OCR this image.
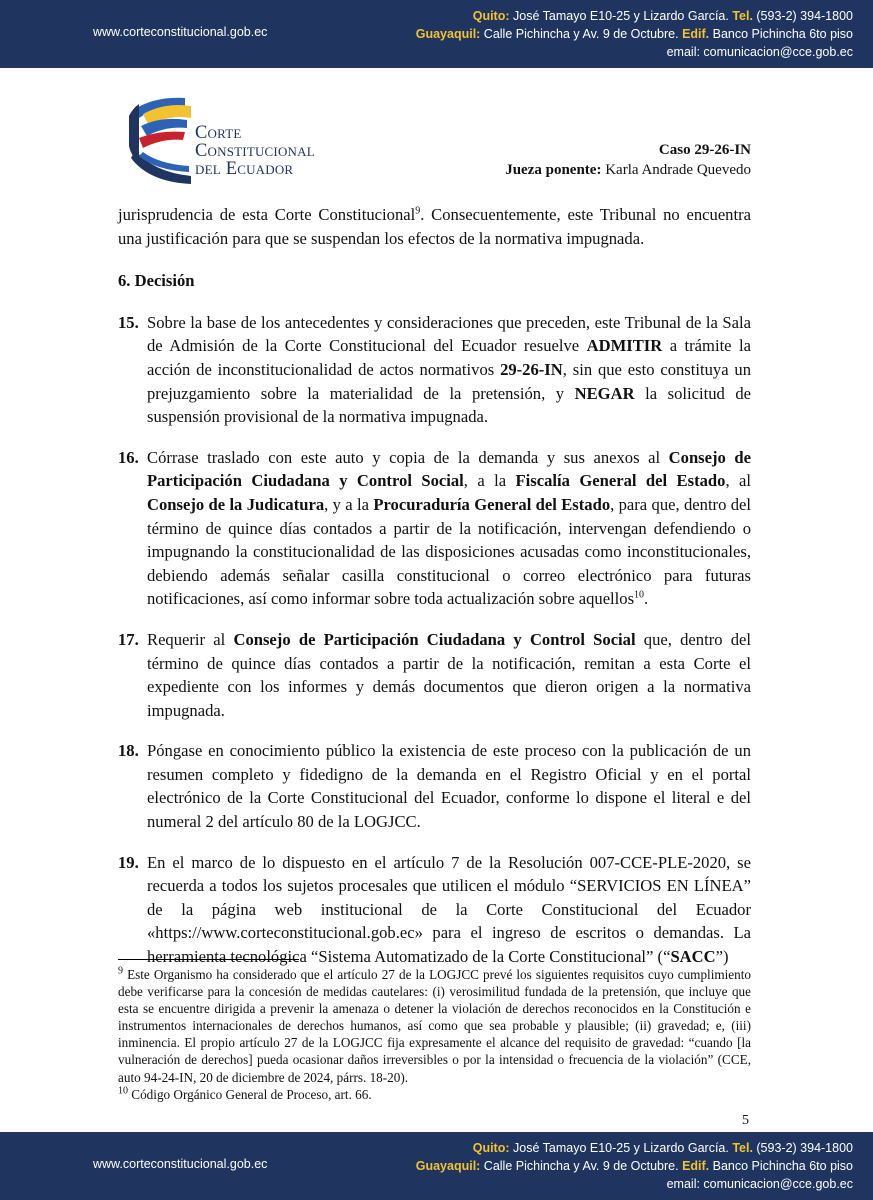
www.corteconstitucional.gob.ec
Quito: José Tamayo E10-25 y Lizardo García. Tel. (593-2) 394-1800
Guayaquil: Calle Pichincha y Av. 9 de Octubre. Edif. Banco Pichincha 6to piso
email: comunicacion@cce.gob.ec
Corte
Constitucional
del Ecuador
Caso 29-26-IN
Jueza ponente: Karla Andrade Quevedo

jurisprudencia de esta Corte Constitucional$^9$. Consecuentemente, este Tribunal no encuentra una justificación para que se suspendan los efectos de la normativa impugnada.

6. Decisión

15. Sobre la base de los antecedentes y consideraciones que preceden, este Tribunal de la Sala de Admisión de la Corte Constitucional del Ecuador resuelve ADMITIR a trámite la acción de inconstitucionalidad de actos normativos 29-26-IN, sin que esto constituya un prejuzgamiento sobre la materialidad de la pretensión, y NEGAR la solicitud de suspensión provisional de la normativa impugnada.

16. Córrase traslado con este auto y copia de la demanda y sus anexos al Consejo de Participación Ciudadana y Control Social, a la Fiscalía General del Estado, al Consejo de la Judicatura, y a la Procuraduría General del Estado, para que, dentro del término de quince días contados a partir de la notificación, intervengan defendiendo o impugnando la constitucionalidad de las disposiciones acusadas como inconstitucionales, debiendo además señalar casilla constitucional o correo electrónico para futuras notificaciones, así como informar sobre toda actualización sobre aquellos$^{10}$.

17. Requerir al Consejo de Participación Ciudadana y Control Social que, dentro del término de quince días contados a partir de la notificación, remitan a esta Corte el expediente con los informes y demás documentos que dieron origen a la normativa impugnada.

18. Póngase en conocimiento público la existencia de este proceso con la publicación de un resumen completo y fidedigno de la demanda en el Registro Oficial y en el portal electrónico de la Corte Constitucional del Ecuador, conforme lo dispone el literal e del numeral 2 del artículo 80 de la LOGJCC.

19. En el marco de lo dispuesto en el artículo 7 de la Resolución 007-CCE-PLE-2020, se recuerda a todos los sujetos procesales que utilicen el módulo “SERVICIOS EN LÍNEA” de la página web institucional de la Corte Constitucional del Ecuador «https://www.corteconstitucional.gob.ec» para el ingreso de escritos o demandas. La herramienta tecnológica “Sistema Automatizado de la Corte Constitucional” (“SACC”)

$^9$ Este Organismo ha considerado que el artículo 27 de la LOGJCC prevé los siguientes requisitos cuyo cumplimiento debe verificarse para la concesión de medidas cautelares: (i) verosimilitud fundada de la pretensión, que incluye que esta se encuentre dirigida a prevenir la amenaza o detener la violación de derechos reconocidos en la Constitución e instrumentos internacionales de derechos humanos, así como que sea probable y plausible; (ii) gravedad; e, (iii) inminencia. El propio artículo 27 de la LOGJCC fija expresamente el alcance del requisito de gravedad: “cuando [la vulneración de derechos] pueda ocasionar daños irreversibles o por la intensidad o frecuencia de la violación” (CCE, auto 94-24-IN, 20 de diciembre de 2024, párrs. 18-20).

$^{10}$ Código Orgánico General de Proceso, art. 66.

5
www.corteconstitucional.gob.ec
Quito: José Tamayo E10-25 y Lizardo García. Tel. (593-2) 394-1800
Guayaquil: Calle Pichincha y Av. 9 de Octubre. Edif. Banco Pichincha 6to piso
email: comunicacion@cce.gob.ec
